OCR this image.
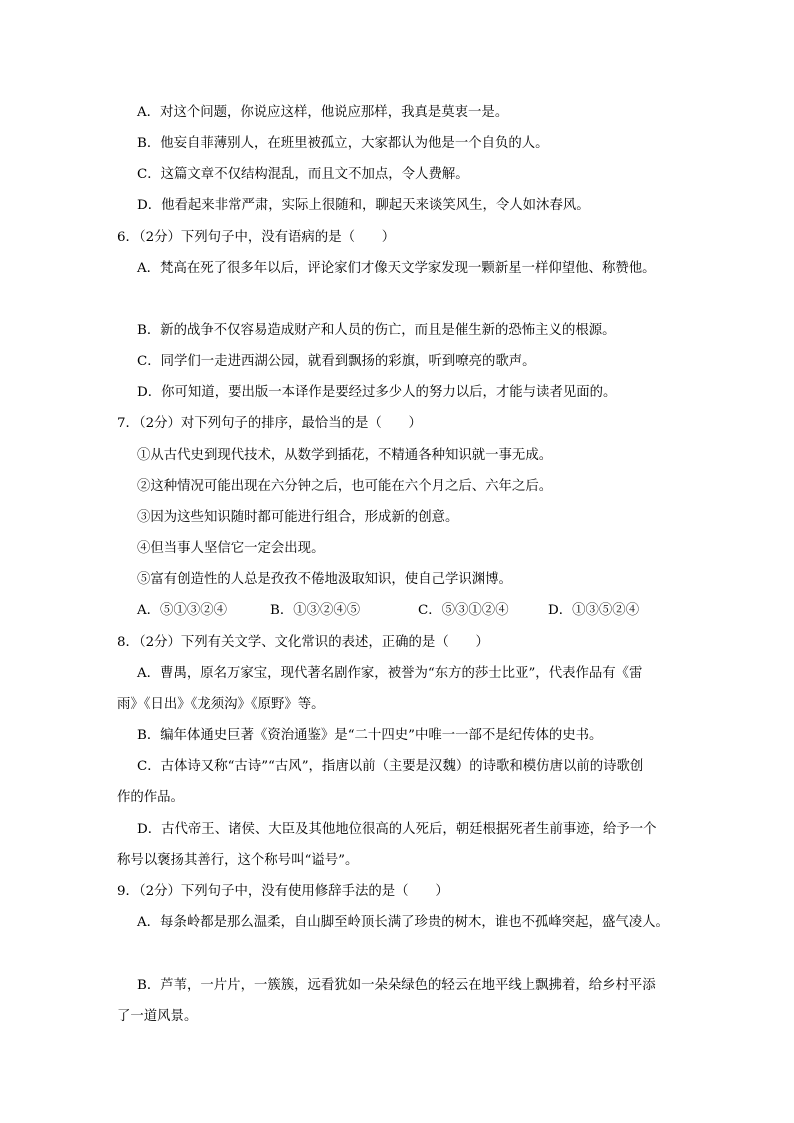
A．对这个问题，你说应这样，他说应那样，我真是莫衷一是。
B．他妄自菲薄别人，在班里被孤立，大家都认为他是一个自负的人。
C．这篇文章不仅结构混乱，而且文不加点，令人费解。
D．他看起来非常严肃，实际上很随和，聊起天来谈笑风生，令人如沐春风。
6．（2分）下列句子中，没有语病的是（　　）
A．梵高在死了很多年以后，评论家们才像天文学家发现一颗新星一样仰望他、称赞他。
B．新的战争不仅容易造成财产和人员的伤亡，而且是催生新的恐怖主义的根源。
C．同学们一走进西湖公园，就看到飘扬的彩旗，听到嘹亮的歌声。
D．你可知道，要出版一本译作是要经过多少人的努力以后，才能与读者见面的。
7．（2分）对下列句子的排序，最恰当的是（　　）
①从古代史到现代技术，从数学到插花，不精通各种知识就一事无成。
②这种情况可能出现在六分钟之后，也可能在六个月之后、六年之后。
③因为这些知识随时都可能进行组合，形成新的创意。
④但当事人坚信它一定会出现。
⑤富有创造性的人总是孜孜不倦地汲取知识，使自己学识渊博。
A．⑤①③②④	B．①③②④⑤	C．⑤③①②④	D．①③⑤②④
8．（2分）下列有关文学、文化常识的表述，正确的是（　　）
A．曹禺，原名万家宝，现代著名剧作家，被誉为“东方的莎士比亚”，代表作品有《雷
雨》《日出》《龙须沟》《原野》等。
B．编年体通史巨著《资治通鉴》是“二十四史”中唯一一部不是纪传体的史书。
C．古体诗又称“古诗”“古风”，指唐以前（主要是汉魏）的诗歌和模仿唐以前的诗歌创
作的作品。
D．古代帝王、诸侯、大臣及其他地位很高的人死后，朝廷根据死者生前事迹，给予一个
称号以褒扬其善行，这个称号叫“谥号”。
9．（2分）下列句子中，没有使用修辞手法的是（　　）
A．每条岭都是那么温柔，自山脚至岭顶长满了珍贵的树木，谁也不孤峰突起，盛气凌人。
B．芦苇，一片片，一簇簇，远看犹如一朵朵绿色的轻云在地平线上飘拂着，给乡村平添
了一道风景。
